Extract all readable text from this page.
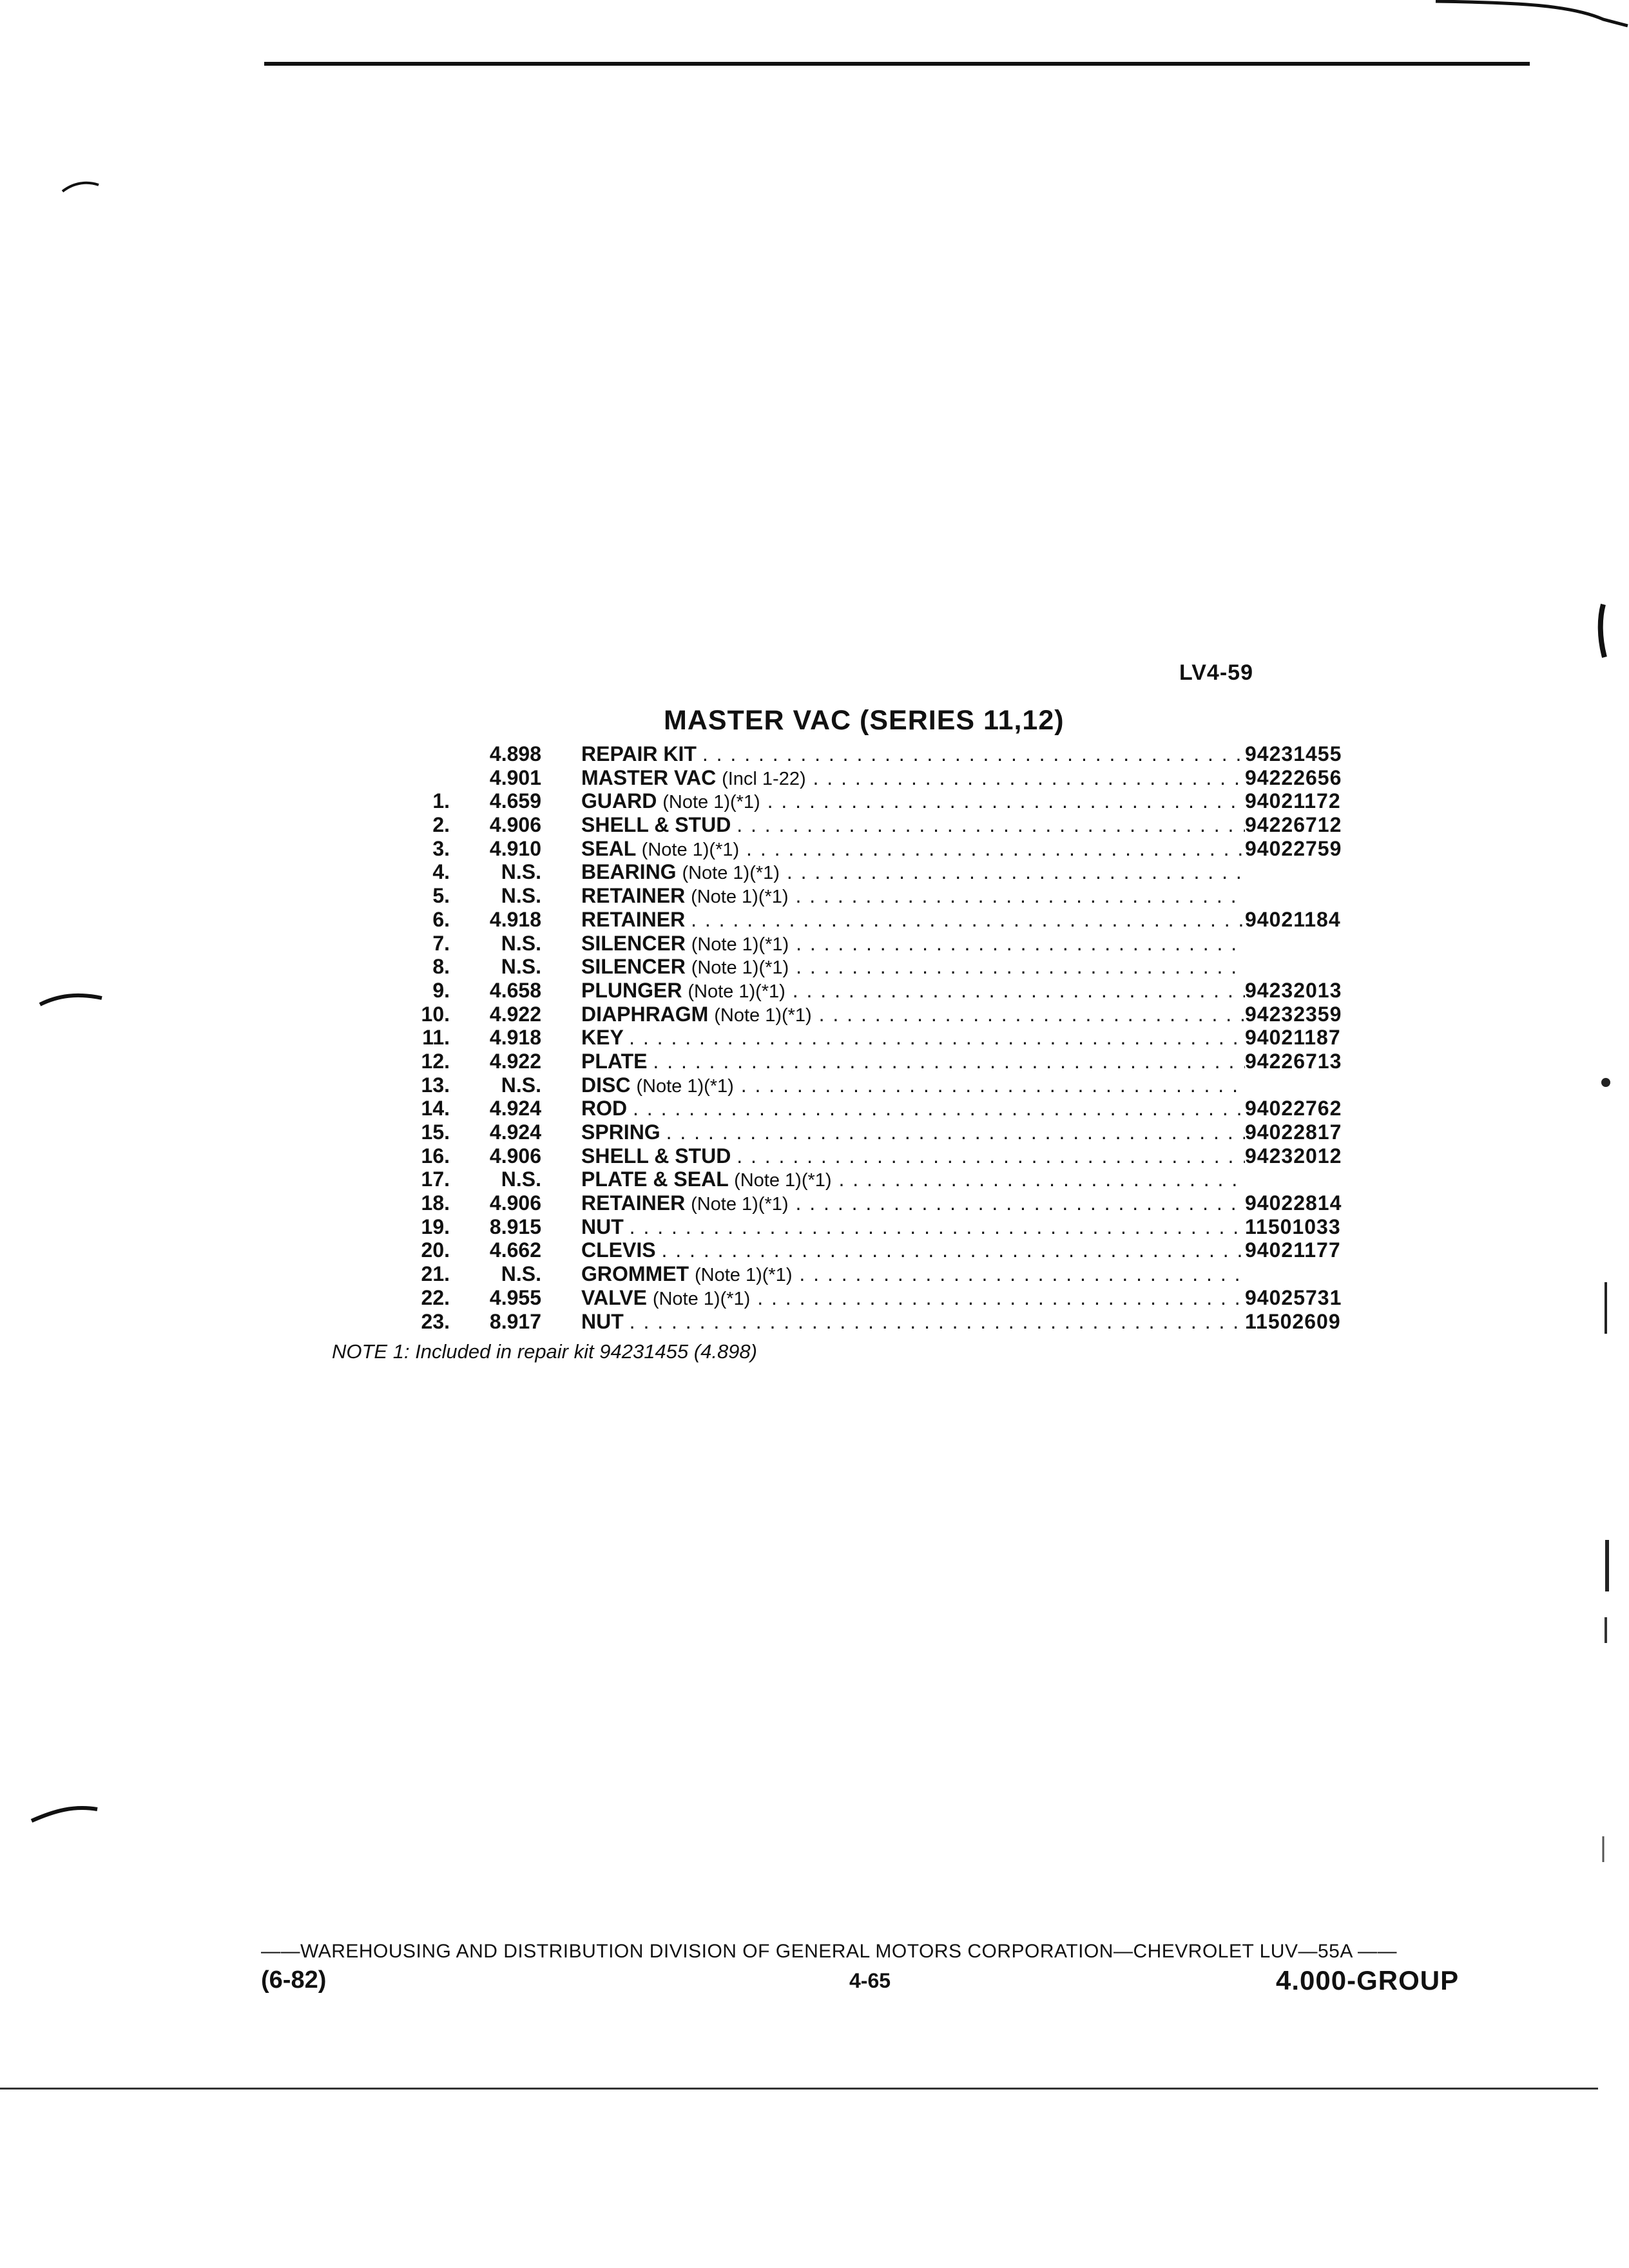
LV4-59
MASTER VAC (SERIES 11,12)
4.898 REPAIR KIT . . .	94231455
4.901 MASTER VAC (Incl 1-22) . . .	94222656
1.	4.659 GUARD (Note 1)(*1) . . .	94021172
2.	4.906 SHELL & STUD . . .	94226712
3.	4.910 SEAL (Note 1)(*1) . . .	94022759
4.	N.S. BEARING (Note 1)(*1) . . .
5.	N.S. RETAINER (Note 1)(*1) . . .
6.	4.918 RETAINER . . .	94021184
7.	N.S. SILENCER (Note 1)(*1) . . .
8.	N.S. SILENCER (Note 1)(*1) . . .
9.	4.658 PLUNGER (Note 1)(*1) . . .	94232013
10.	4.922 DIAPHRAGM (Note 1)(*1) . . .	94232359
11.	4.918 KEY . . .	94021187
12.	4.922 PLATE . . .	94226713
13.	N.S. DISC (Note 1)(*1) . . .
14.	4.924 ROD . . .	94022762
15.	4.924 SPRING . . .	94022817
16.	4.906 SHELL & STUD . . .	94232012
17.	N.S. PLATE & SEAL (Note 1)(*1) . . .
18.	4.906 RETAINER (Note 1)(*1) . . .	94022814
19.	8.915 NUT . . .	11501033
20.	4.662 CLEVIS . . .	94021177
21.	N.S. GROMMET (Note 1)(*1) . . .
22.	4.955 VALVE (Note 1)(*1) . . .	94025731
23.	8.917 NUT . . .	11502609
NOTE 1: Included in repair kit 94231455 (4.898)
——WAREHOUSING AND DISTRIBUTION DIVISION OF GENERAL MOTORS CORPORATION—CHEVROLET LUV—55A ——
(6-82)	4-65	4.000-GROUP
